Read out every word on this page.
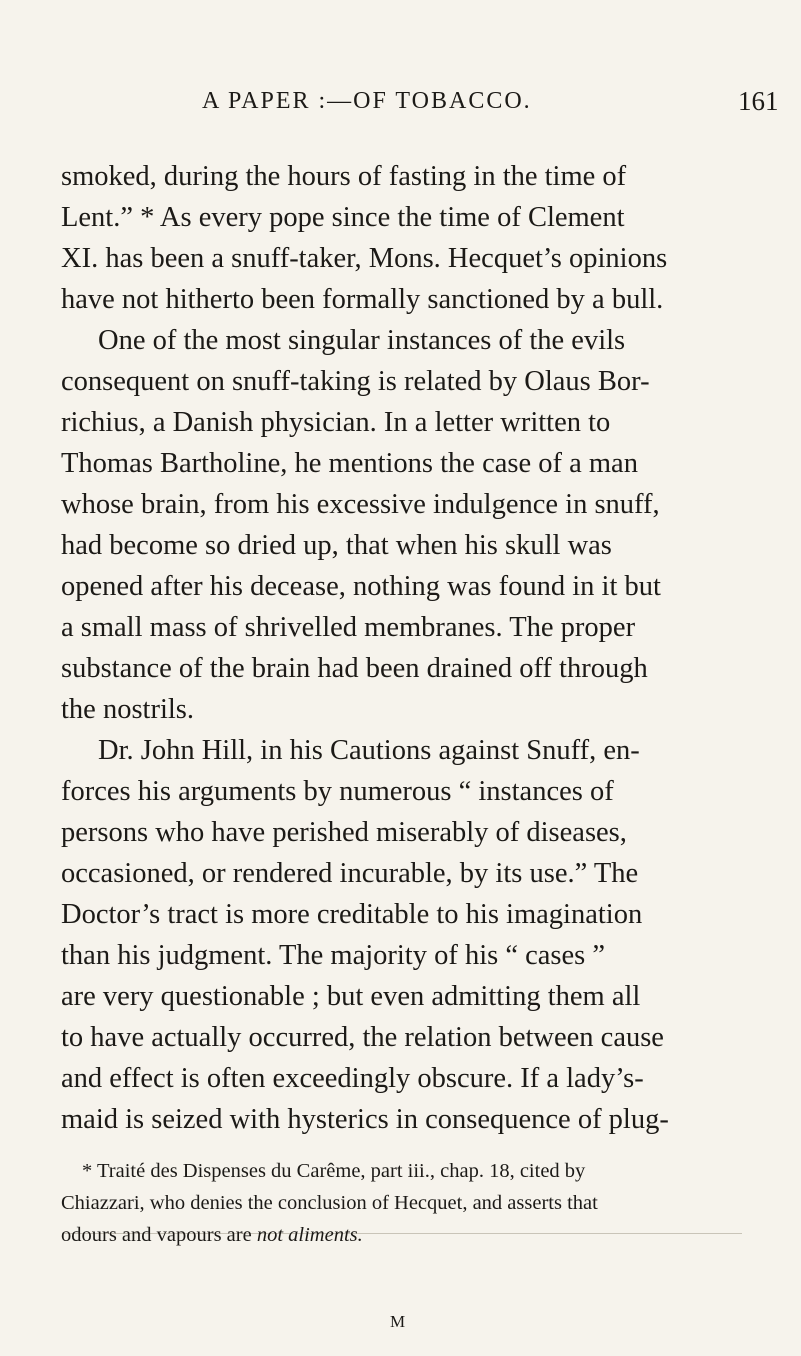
A PAPER :—OF TOBACCO.	161
smoked, during the hours of fasting in the time of
Lent.” * As every pope since the time of Clement
XI. has been a snuff-taker, Mons. Hecquet’s opinions
have not hitherto been formally sanctioned by a bull.
One of the most singular instances of the evils
consequent on snuff-taking is related by Olaus Bor-
richius, a Danish physician. In a letter written to
Thomas Bartholine, he mentions the case of a man
whose brain, from his excessive indulgence in snuff,
had become so dried up, that when his skull was
opened after his decease, nothing was found in it but
a small mass of shrivelled membranes. The proper
substance of the brain had been drained off through
the nostrils.
Dr. John Hill, in his Cautions against Snuff, en-
forces his arguments by numerous “ instances of
persons who have perished miserably of diseases,
occasioned, or rendered incurable, by its use.” The
Doctor’s tract is more creditable to his imagination
than his judgment. The majority of his “ cases ”
are very questionable ; but even admitting them all
to have actually occurred, the relation between cause
and effect is often exceedingly obscure. If a lady’s-
maid is seized with hysterics in consequence of plug-
* Traité des Dispenses du Carême, part iii., chap. 18, cited by
Chiazzari, who denies the conclusion of Hecquet, and asserts that
odours and vapours are not aliments.
M
